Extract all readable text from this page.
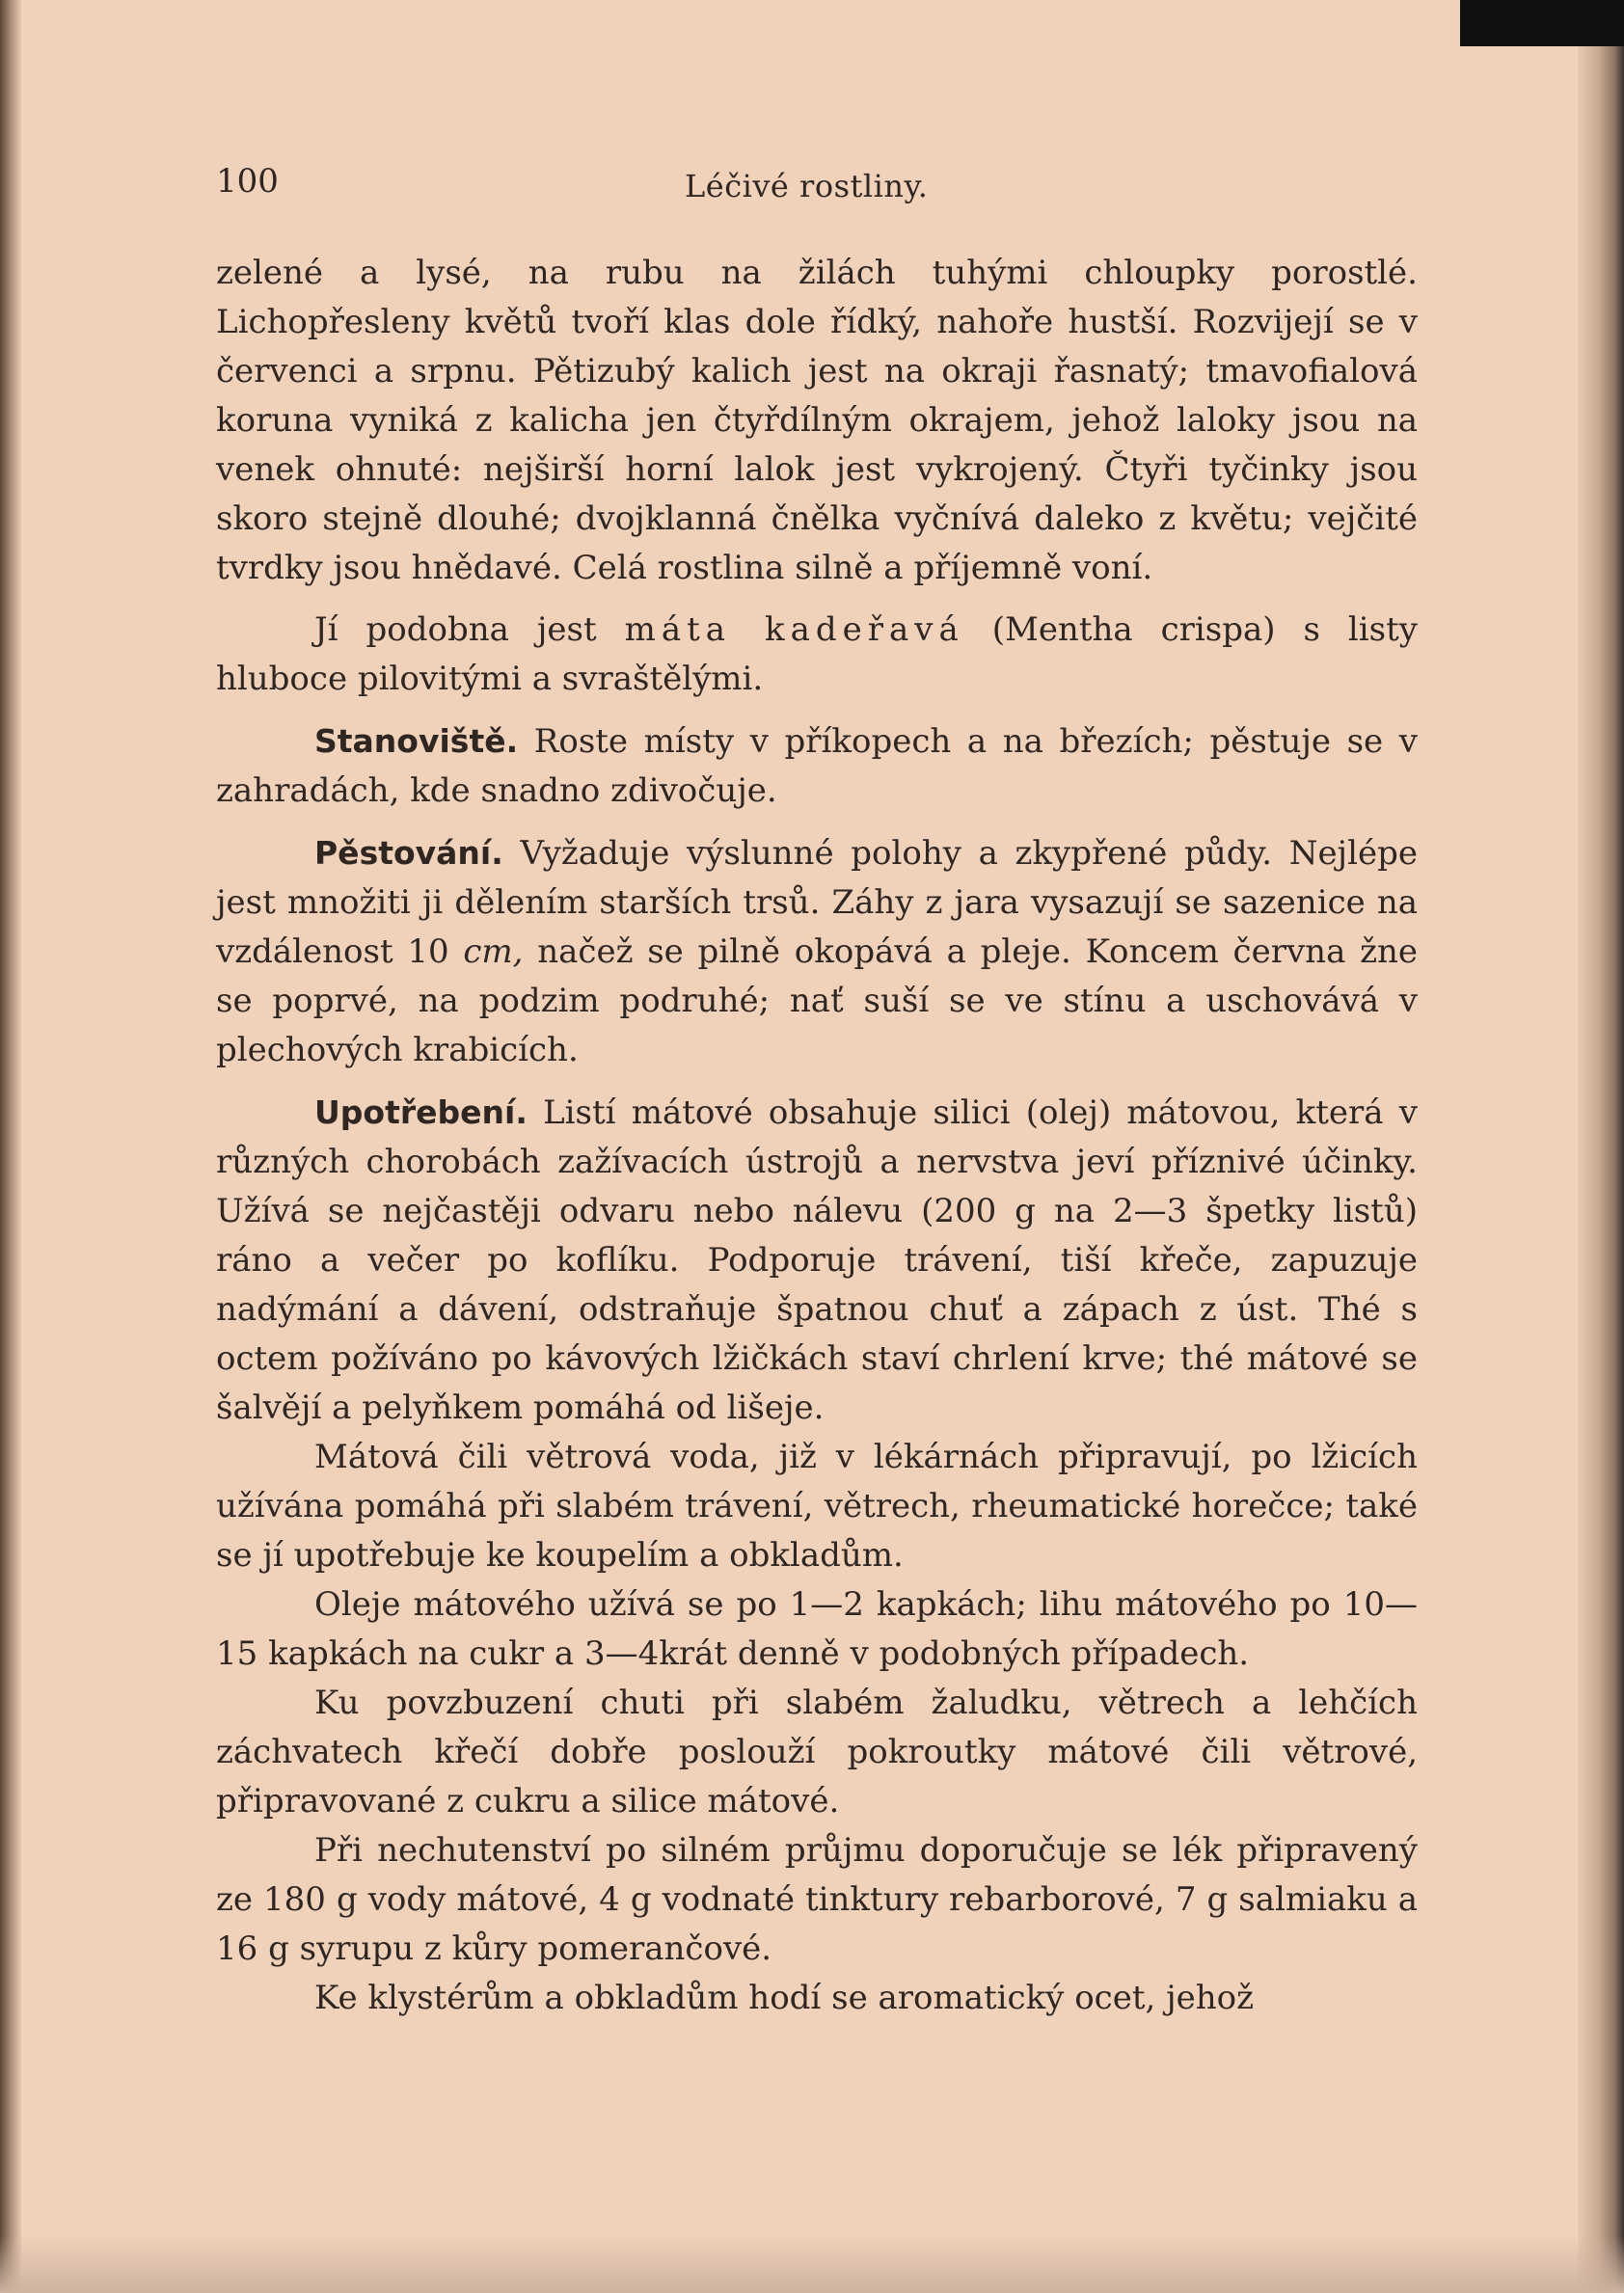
100	Léčivé rostliny.

zelené a lysé, na rubu na žilách tuhými chloupky porostlé. Lichopřesleny květů tvoří klas dole řídký, nahoře hustší. Rozvijejí se v červenci a srpnu. Pětizubý kalich jest na okraji řasnatý; tmavofialová koruna vyniká z kalicha jen čtyřdílným okrajem, jehož laloky jsou na venek ohnuté: nejširší horní lalok jest vykrojený. Čtyři tyčinky jsou skoro stejně dlouhé; dvojklanná čnělka vyčnívá daleko z květu; vejčité tvrdky jsou hnědavé. Celá rostlina silně a příjemně voní.

Jí podobna jest máta kadeřavá (Mentha crispa) s listy hluboce pilovitými a svraštělými.

Stanoviště. Roste místy v příkopech a na březích; pěstuje se v zahradách, kde snadno zdivočuje.

Pěstování. Vyžaduje výslunné polohy a zkypřené půdy. Nejlépe jest množiti ji dělením starších trsů. Záhy z jara vysazují se sazenice na vzdálenost 10 cm, načež se pilně okopává a pleje. Koncem června žne se poprvé, na podzim podruhé; nať suší se ve stínu a uschovává v plechových krabicích.

Upotřebení. Listí mátové obsahuje silici (olej) mátovou, která v různých chorobách zažívacích ústrojů a nervstva jeví příznivé účinky. Užívá se nejčastěji odvaru nebo nálevu (200 g na 2—3 špetky listů) ráno a večer po koflíku. Podporuje trávení, tiší křeče, zapuzuje nadýmání a dávení, odstraňuje špatnou chuť a zápach z úst. Thé s octem požíváno po kávových lžičkách staví chrlení krve; thé mátové se šalvějí a pelyňkem pomáhá od lišeje.

Mátová čili větrová voda, již v lékárnách připravují, po lžicích užívána pomáhá při slabém trávení, větrech, rheumatické horečce; také se jí upotřebuje ke koupelím a obkladům.

Oleje mátového užívá se po 1—2 kapkách; lihu mátového po 10—15 kapkách na cukr a 3—4krát denně v podobných případech.

Ku povzbuzení chuti při slabém žaludku, větrech a lehčích záchvatech křečí dobře poslouží pokroutky mátové čili větrové, připravované z cukru a silice mátové.

Při nechutenství po silném průjmu doporučuje se lék připravený ze 180 g vody mátové, 4 g vodnaté tinktury rebarborové, 7 g salmiaku a 16 g syrupu z kůry pomerančové.

Ke klystérům a obkladům hodí se aromatický ocet, jehož
